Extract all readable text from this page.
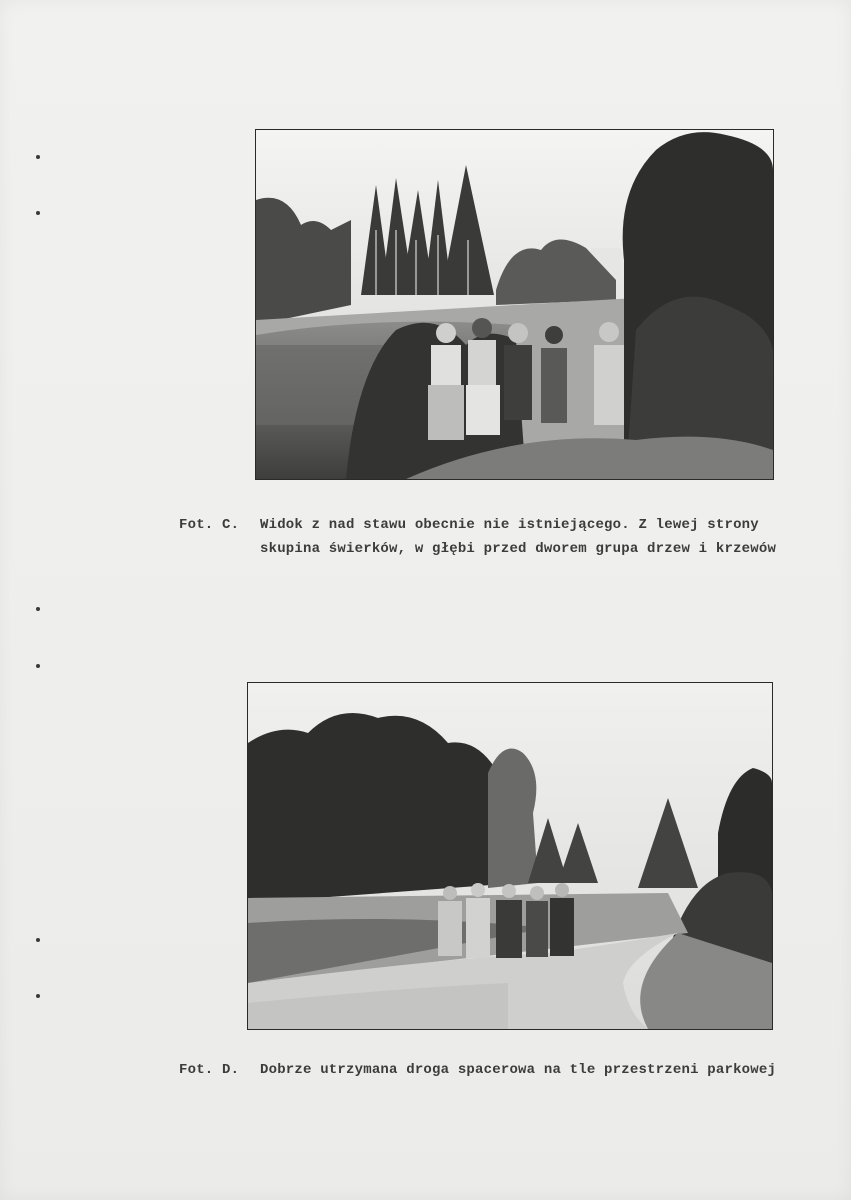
Fot. C. Widok z nad stawu obecnie nie istniejącego. Z lewej strony skupina świerków, w głębi przed dworem grupa drzew i krzewów
Fot. D. Dobrze utrzymana droga spacerowa na tle przestrzeni parkowej
